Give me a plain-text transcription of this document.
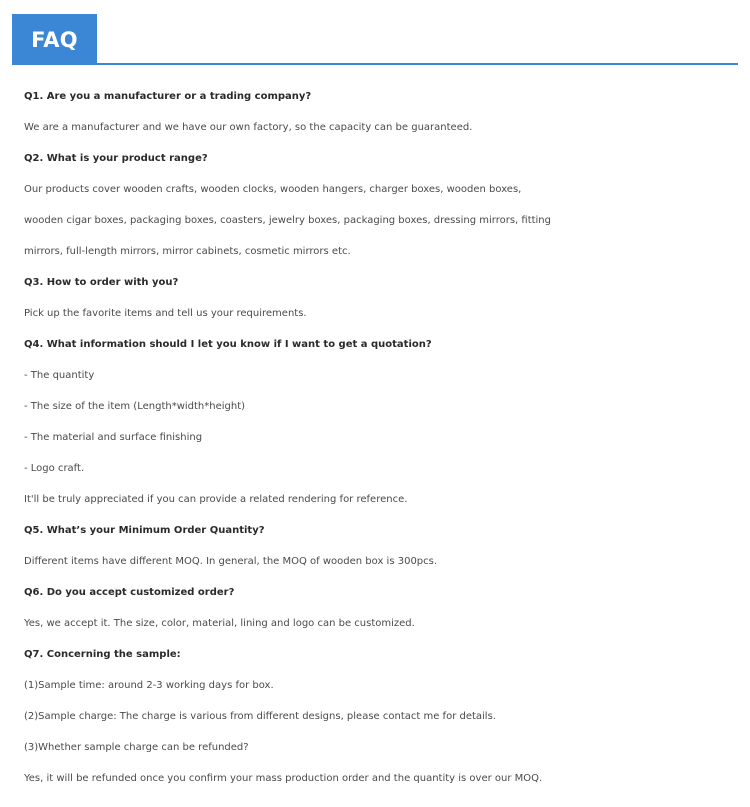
FAQ
Q1. Are you a manufacturer or a trading company?
We are a manufacturer and we have our own factory, so the capacity can be guaranteed.
Q2. What is your product range?
Our products cover wooden crafts, wooden clocks, wooden hangers, charger boxes, wooden boxes,
wooden cigar boxes, packaging boxes, coasters, jewelry boxes, packaging boxes, dressing mirrors, fitting
mirrors, full-length mirrors, mirror cabinets, cosmetic mirrors etc.
Q3. How to order with you?
Pick up the favorite items and tell us your requirements.
Q4. What information should I let you know if I want to get a quotation?
- The quantity
- The size of the item (Length*width*height)
- The material and surface finishing
- Logo craft.
It'll be truly appreciated if you can provide a related rendering for reference.
Q5. What’s your Minimum Order Quantity?
Different items have different MOQ. In general, the MOQ of wooden box is 300pcs.
Q6. Do you accept customized order?
Yes, we accept it. The size, color, material, lining and logo can be customized.
Q7. Concerning the sample:
(1)Sample time: around 2-3 working days for box.
(2)Sample charge: The charge is various from different designs, please contact me for details.
(3)Whether sample charge can be refunded?
Yes, it will be refunded once you confirm your mass production order and the quantity is over our MOQ.
